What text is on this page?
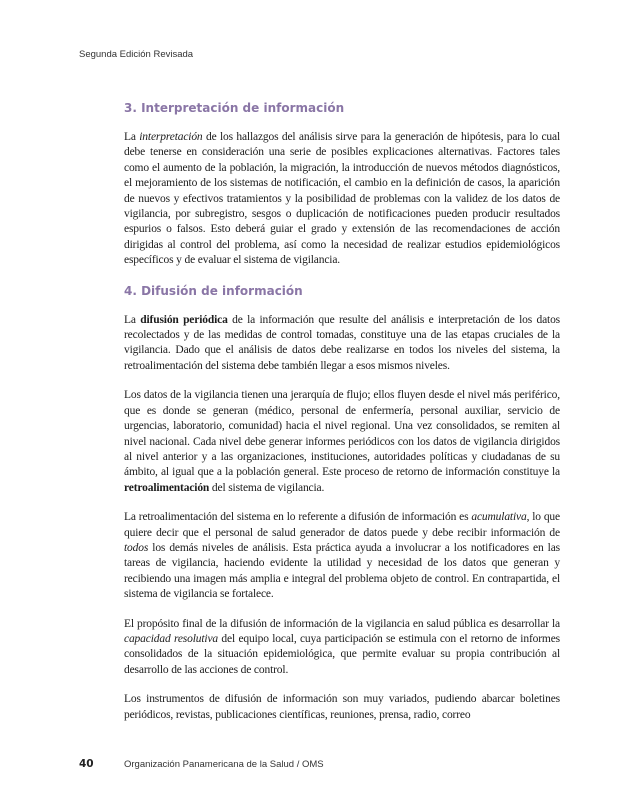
Segunda Edición Revisada
3. Interpretación de información

La interpretación de los hallazgos del análisis sirve para la generación de hipótesis, para lo cual debe tenerse en consideración una serie de posibles explicaciones alternativas. Factores tales como el aumento de la población, la migración, la introducción de nuevos métodos diagnósticos, el mejoramiento de los sistemas de notificación, el cambio en la definición de casos, la aparición de nuevos y efectivos tratamientos y la posibilidad de problemas con la validez de los datos de vigilancia, por subregistro, sesgos o duplicación de notificaciones pueden producir resultados espurios o falsos. Esto deberá guiar el grado y extensión de las recomendaciones de acción dirigidas al control del problema, así como la necesidad de realizar estudios epidemiológicos específicos y de evaluar el sistema de vigilancia.

4. Difusión de información

La difusión periódica de la información que resulte del análisis e interpretación de los datos recolectados y de las medidas de control tomadas, constituye una de las etapas cruciales de la vigilancia. Dado que el análisis de datos debe realizarse en todos los niveles del sistema, la retroalimentación del sistema debe también llegar a esos mismos niveles.

Los datos de la vigilancia tienen una jerarquía de flujo; ellos fluyen desde el nivel más periférico, que es donde se generan (médico, personal de enfermería, personal auxiliar, servicio de urgencias, laboratorio, comunidad) hacia el nivel regional. Una vez consolidados, se remiten al nivel nacional. Cada nivel debe generar informes periódicos con los datos de vigilancia dirigidos al nivel anterior y a las organizaciones, instituciones, autoridades políticas y ciudadanas de su ámbito, al igual que a la población general. Este proceso de retorno de información constituye la retroalimentación del sistema de vigilancia.

La retroalimentación del sistema en lo referente a difusión de información es acumulativa, lo que quiere decir que el personal de salud generador de datos puede y debe recibir información de todos los demás niveles de análisis. Esta práctica ayuda a involucrar a los notificadores en las tareas de vigilancia, haciendo evidente la utilidad y necesidad de los datos que generan y recibiendo una imagen más amplia e integral del problema objeto de control. En contrapartida, el sistema de vigilancia se fortalece.

El propósito final de la difusión de información de la vigilancia en salud pública es desarrollar la capacidad resolutiva del equipo local, cuya participación se estimula con el retorno de informes consolidados de la situación epidemiológica, que permite evaluar su propia contribución al desarrollo de las acciones de control.

Los instrumentos de difusión de información son muy variados, pudiendo abarcar boletines periódicos, revistas, publicaciones científicas, reuniones, prensa, radio, correo

40	Organización Panamericana de la Salud / OMS
